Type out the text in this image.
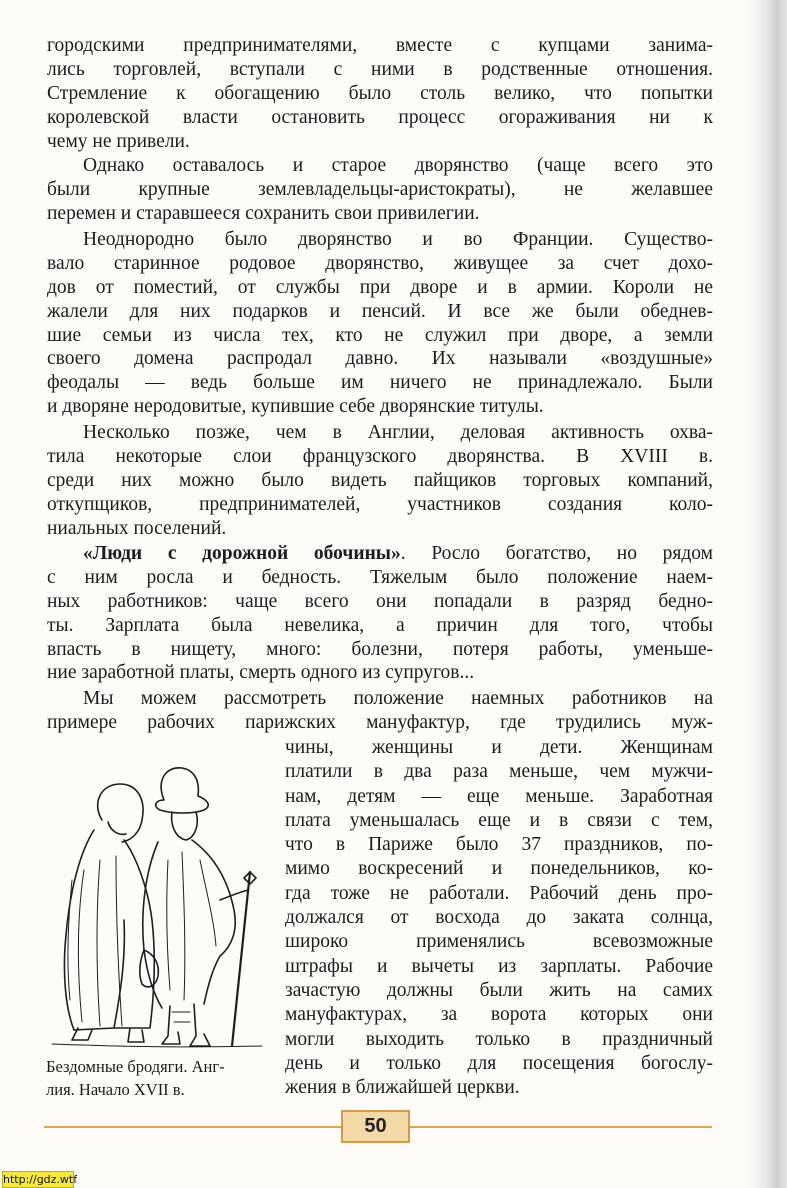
городскими предпринимателями, вместе с купцами занима-
лись торговлей, вступали с ними в родственные отношения.
Стремление к обогащению было столь велико, что попытки
королевской власти остановить процесс огораживания ни к
чему не привели.
Однако оставалось и старое дворянство (чаще всего это
были крупные землевладельцы-аристократы), не желавшее
перемен и старавшееся сохранить свои привилегии.
Неоднородно было дворянство и во Франции. Существо-
вало старинное родовое дворянство, живущее за счет дохо-
дов от поместий, от службы при дворе и в армии. Короли не
жалели для них подарков и пенсий. И все же были обеднев-
шие семьи из числа тех, кто не служил при дворе, а земли
своего домена распродал давно. Их называли «воздушные»
феодалы — ведь больше им ничего не принадлежало. Были
и дворяне неродовитые, купившие себе дворянские титулы.
Несколько позже, чем в Англии, деловая активность охва-
тила некоторые слои французского дворянства. В XVIII в.
среди них можно было видеть пайщиков торговых компаний,
откупщиков, предпринимателей, участников создания коло-
ниальных поселений.
«Люди с дорожной обочины». Росло богатство, но рядом
с ним росла и бедность. Тяжелым было положение наем-
ных работников: чаще всего они попадали в разряд бедно-
ты. Зарплата была невелика, а причин для того, чтобы
впасть в нищету, много: болезни, потеря работы, уменьше-
ние заработной платы, смерть одного из супругов...
Мы можем рассмотреть положение наемных работников на
примере рабочих парижских мануфактур, где трудились муж-
чины, женщины и дети. Женщинам
платили в два раза меньше, чем мужчи-
нам, детям — еще меньше. Заработная
плата уменьшалась еще и в связи с тем,
что в Париже было 37 праздников, по-
мимо воскресений и понедельников, ко-
гда тоже не работали. Рабочий день про-
должался от восхода до заката солнца,
широко применялись всевозможные
штрафы и вычеты из зарплаты. Рабочие
зачастую должны были жить на самих
мануфактурах, за ворота которых они
могли выходить только в праздничный
день и только для посещения богослу-
жения в ближайшей церкви.
Бездомные бродяги. Анг-
лия. Начало XVII в.
50
http://gdz.wtf
